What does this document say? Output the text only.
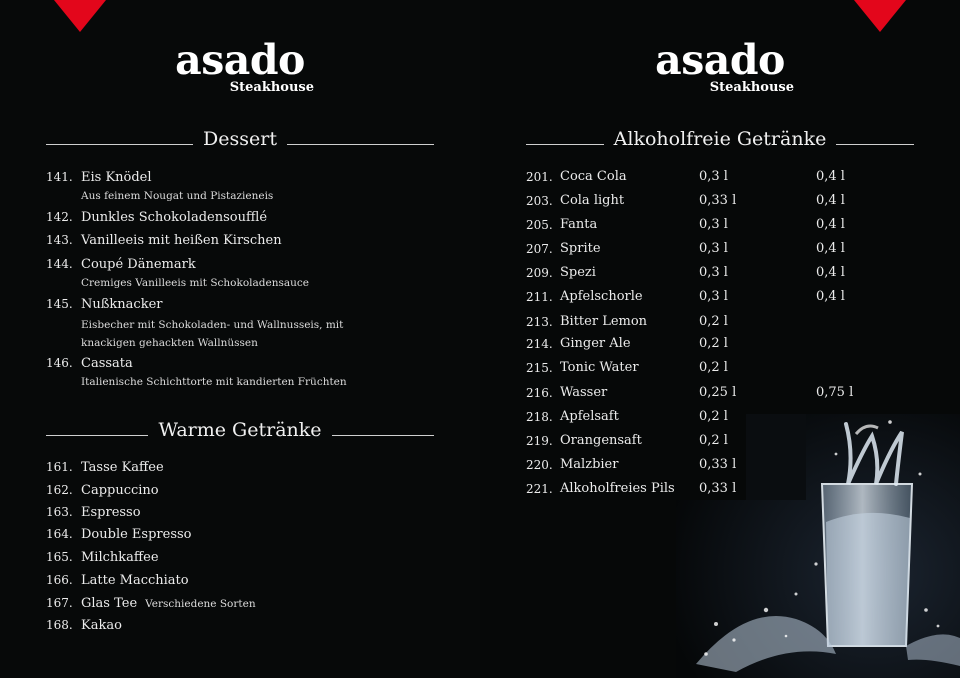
asado
Steakhouse
Dessert
141. Eis Knödel
Aus feinem Nougat und Pistazieneis
142. Dunkles Schokoladensoufflé
143. Vanilleeis mit heißen Kirschen
144. Coupé Dänemark
Cremiges Vanilleeis mit Schokoladensauce
145. Nußknacker
Eisbecher mit Schokoladen- und Wallnusseis, mit knackigen gehackten Wallnüssen
146. Cassata
Italienische Schichttorte mit kandierten Früchten
Warme Getränke
161. Tasse Kaffee
162. Cappuccino
163. Espresso
164. Double Espresso
165. Milchkaffee
166. Latte Macchiato
167. Glas Tee Verschiedene Sorten
168. Kakao
asado
Steakhouse
Alkoholfreie Getränke
201. Coca Cola	0,3 l	0,4 l
203. Cola light	0,33 l	0,4 l
205. Fanta	0,3 l	0,4 l
207. Sprite	0,3 l	0,4 l
209. Spezi	0,3 l	0,4 l
211. Apfelschorle	0,3 l	0,4 l
213. Bitter Lemon	0,2 l
214. Ginger Ale	0,2 l
215. Tonic Water	0,2 l
216. Wasser	0,25 l	0,75 l
218. Apfelsaft	0,2 l
219. Orangensaft	0,2 l
220. Malzbier	0,33 l
221. Alkoholfreies Pils 0,33 l
